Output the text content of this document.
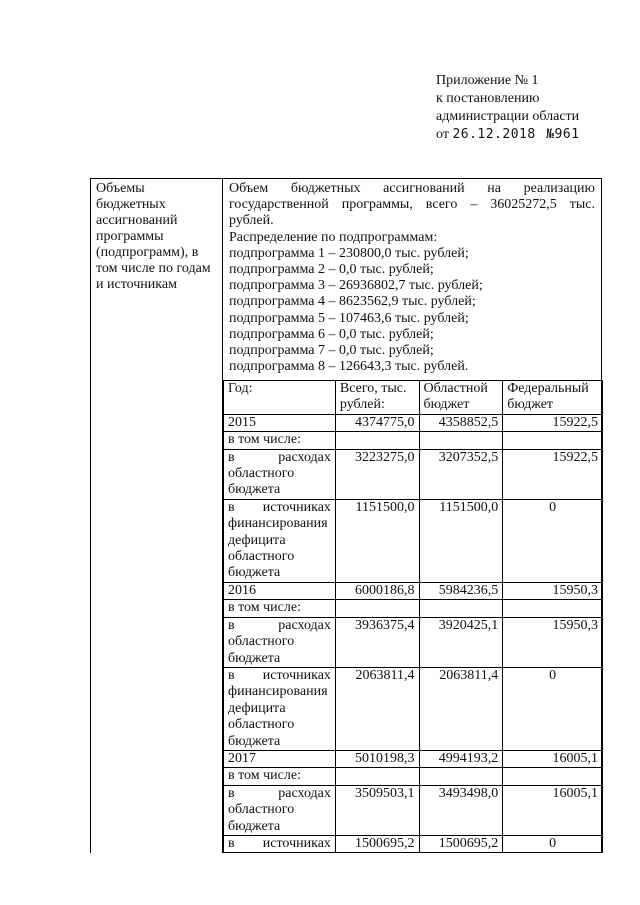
Приложение № 1
к постановлению
администрации области
от 26.12.2018 №961
Объемы бюджетных ассигнований программы (подпрограмм), в том числе по годам и источникам
Объем бюджетных ассигнований на реализацию
государственной программы, всего – 36025272,5 тыс.
рублей.
Распределение по подпрограммам:
подпрограмма 1 – 230800,0 тыс. рублей;
подпрограмма 2 – 0,0 тыс. рублей;
подпрограмма 3 – 26936802,7 тыс. рублей;
подпрограмма 4 – 8623562,9 тыс. рублей;
подпрограмма 5 – 107463,6 тыс. рублей;
подпрограмма 6 – 0,0 тыс. рублей;
подпрограмма 7 – 0,0 тыс. рублей;
подпрограмма 8 – 126643,3 тыс. рублей.
Год:	Всего, тыс. рублей:	Областной бюджет	Федеральный бюджет
2015	4374775,0	4358852,5	15922,5
в том числе:			

в расходах
областного бюджета	3223275,0	3207352,5	15922,5

в источниках
финансирования дефицита областного бюджета	1151500,0	1151500,0	0
2016	6000186,8	5984236,5	15950,3
в том числе:			

в расходах
областного бюджета	3936375,4	3920425,1	15950,3

в источниках
финансирования дефицита областного бюджета	2063811,4	2063811,4	0
2017	5010198,3	4994193,2	16005,1
в том числе:			

в расходах
областного бюджета	3509503,1	3493498,0	16005,1

в источниках	1500695,2	1500695,2	0
